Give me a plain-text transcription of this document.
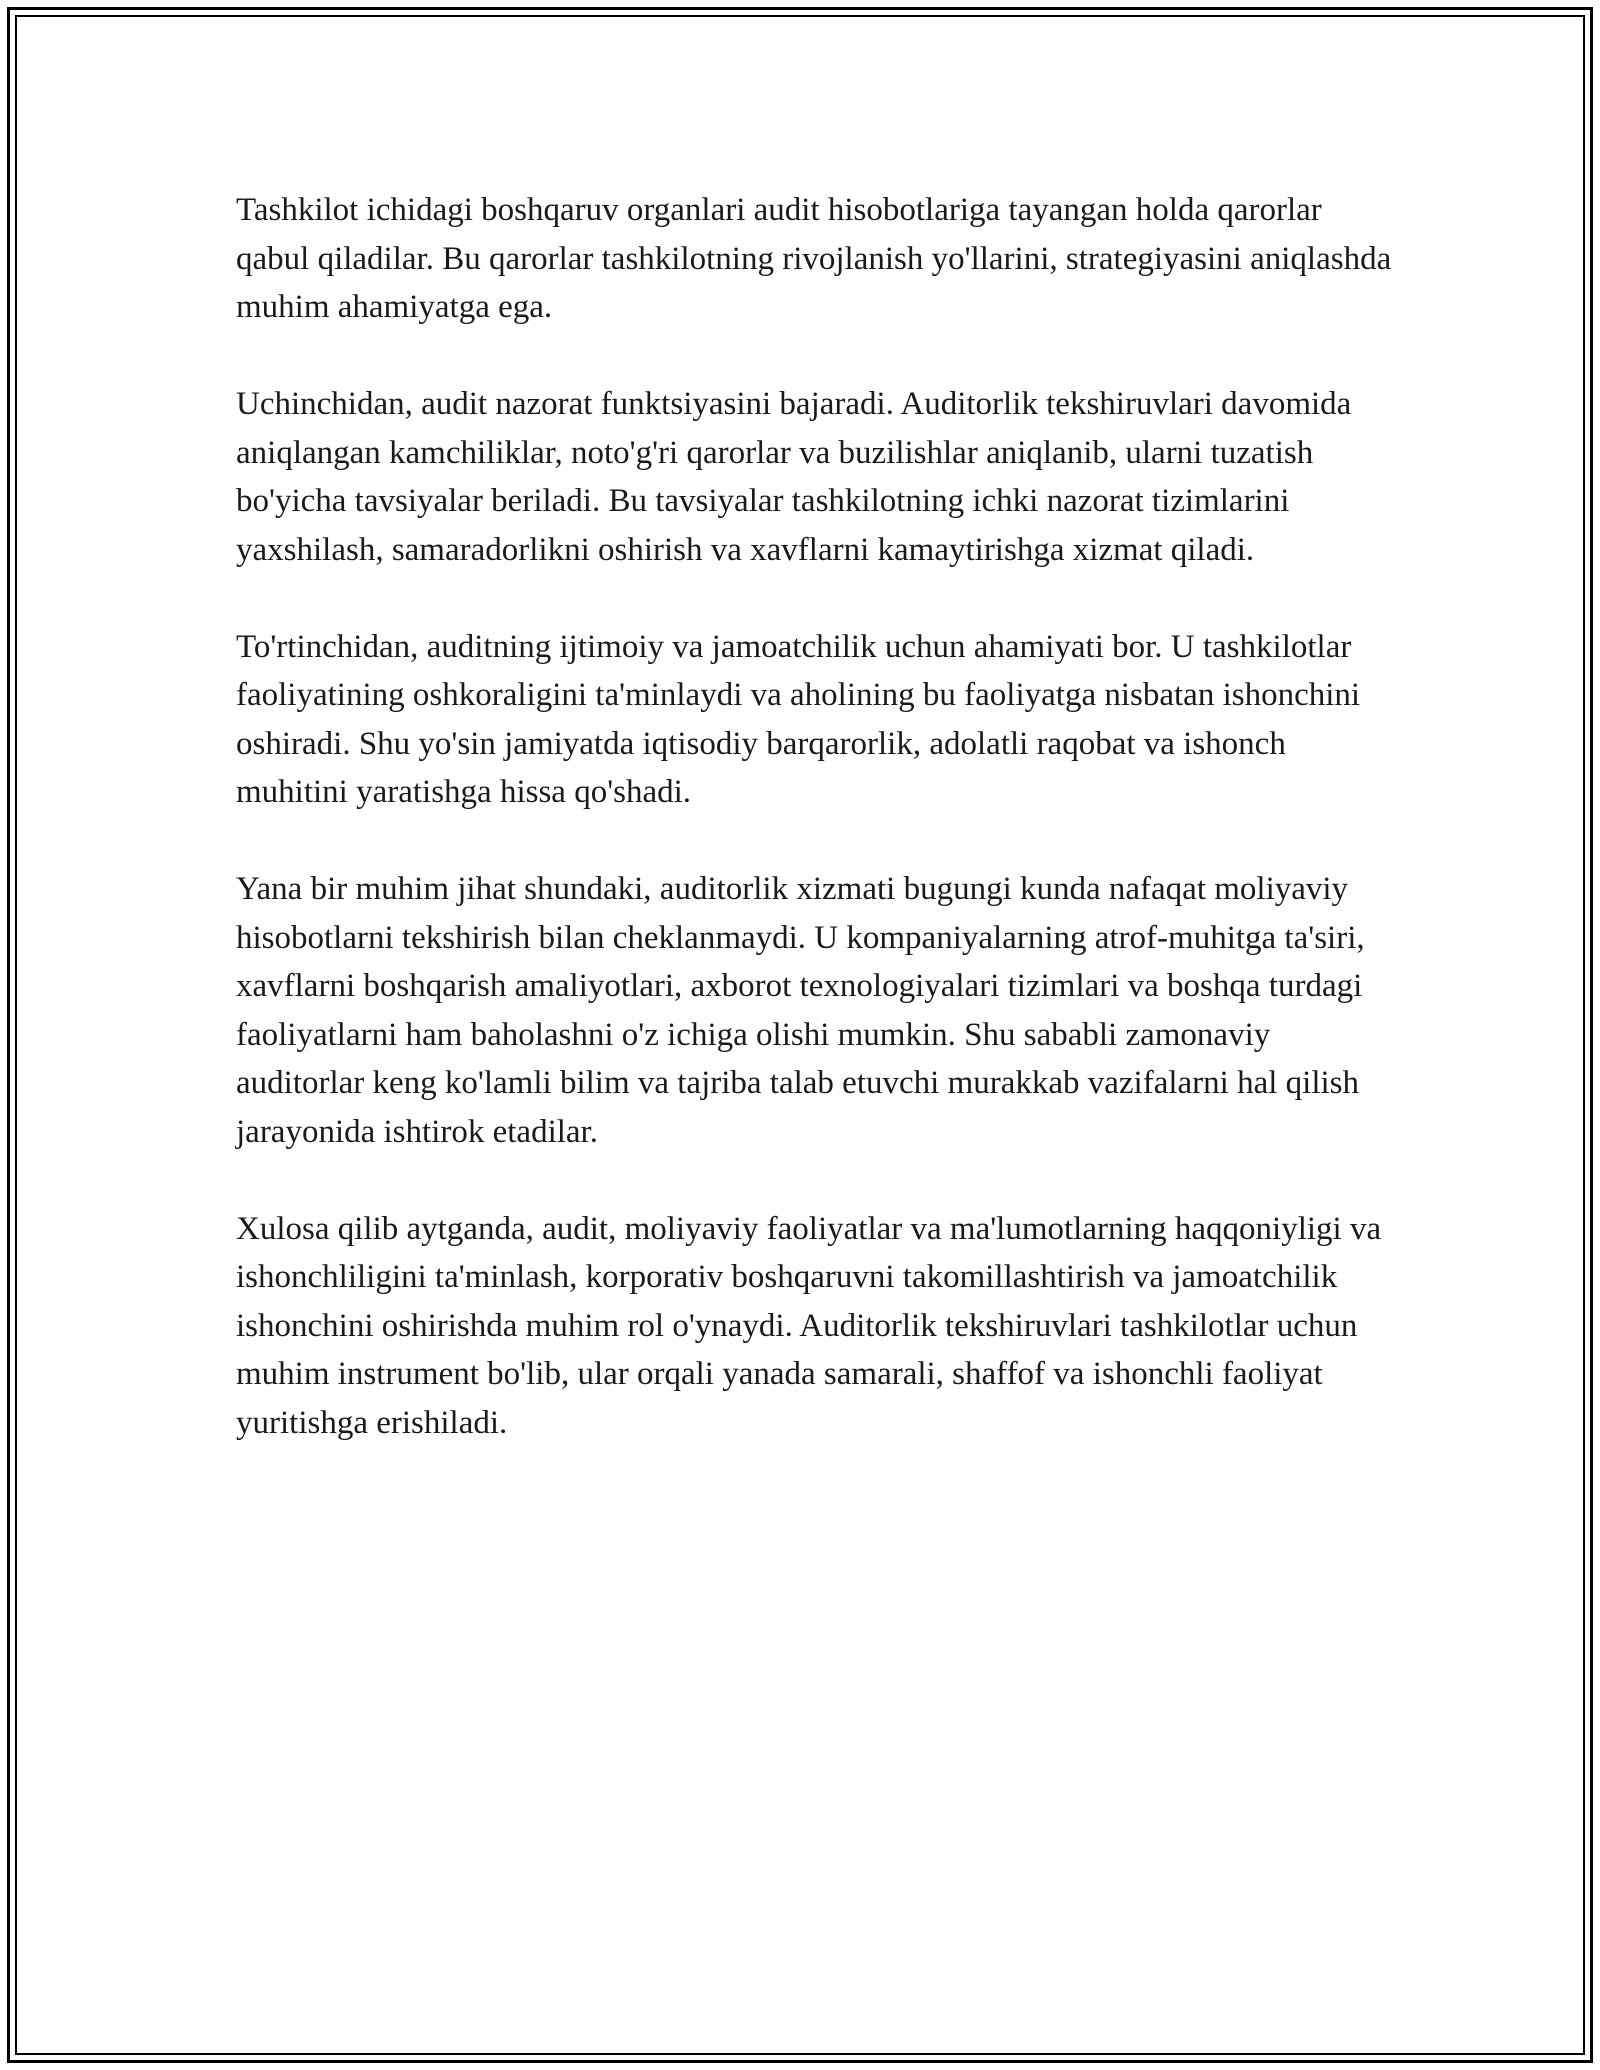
Tashkilot ichidagi boshqaruv organlari audit hisobotlariga tayangan holda qarorlar qabul qiladilar. Bu qarorlar tashkilotning rivojlanish yo'llarini, strategiyasini aniqlashda muhim ahamiyatga ega.

Uchinchidan, audit nazorat funktsiyasini bajaradi. Auditorlik tekshiruvlari davomida aniqlangan kamchiliklar, noto'g'ri qarorlar va buzilishlar aniqlanib, ularni tuzatish bo'yicha tavsiyalar beriladi. Bu tavsiyalar tashkilotning ichki nazorat tizimlarini yaxshilash, samaradorlikni oshirish va xavflarni kamaytirishga xizmat qiladi.

To'rtinchidan, auditning ijtimoiy va jamoatchilik uchun ahamiyati bor. U tashkilotlar faoliyatining oshkoraligini ta'minlaydi va aholining bu faoliyatga nisbatan ishonchini oshiradi. Shu yo'sin jamiyatda iqtisodiy barqarorlik, adolatli raqobat va ishonch muhitini yaratishga hissa qo'shadi.

Yana bir muhim jihat shundaki, auditorlik xizmati bugungi kunda nafaqat moliyaviy hisobotlarni tekshirish bilan cheklanmaydi. U kompaniyalarning atrof-muhitga ta'siri, xavflarni boshqarish amaliyotlari, axborot texnologiyalari tizimlari va boshqa turdagi faoliyatlarni ham baholashni o'z ichiga olishi mumkin. Shu sababli zamonaviy auditorlar keng ko'lamli bilim va tajriba talab etuvchi murakkab vazifalarni hal qilish jarayonida ishtirok etadilar.

Xulosa qilib aytganda, audit, moliyaviy faoliyatlar va ma'lumotlarning haqqoniyligi va ishonchliligini ta'minlash, korporativ boshqaruvni takomillashtirish va jamoatchilik ishonchini oshirishda muhim rol o'ynaydi. Auditorlik tekshiruvlari tashkilotlar uchun muhim instrument bo'lib, ular orqali yanada samarali, shaffof va ishonchli faoliyat yuritishga erishiladi.
